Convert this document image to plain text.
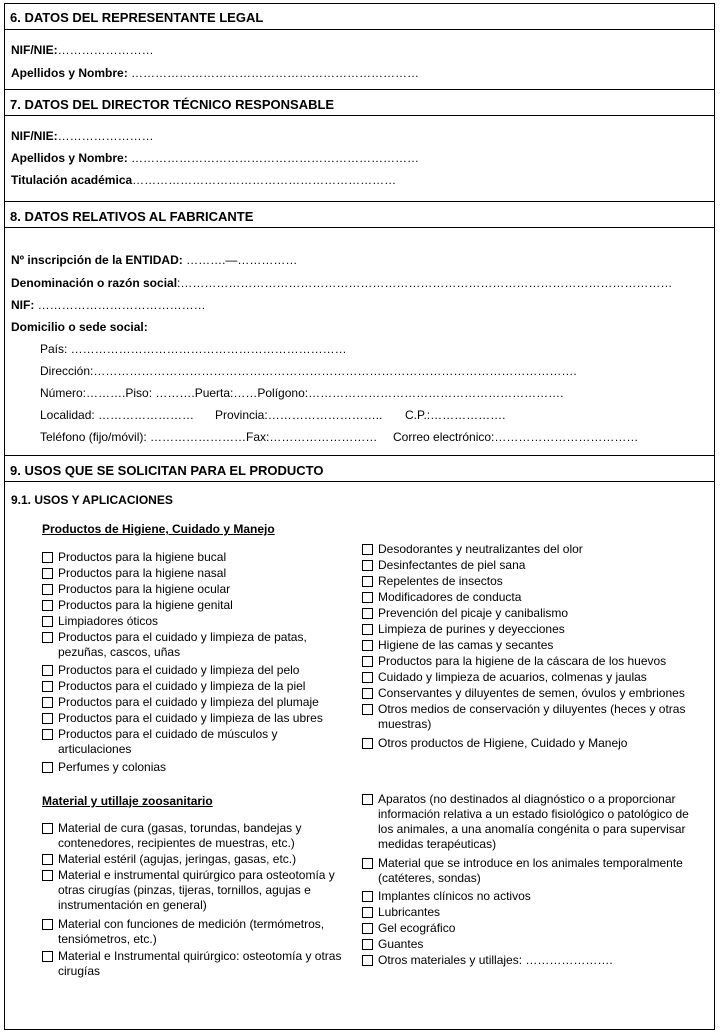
6. DATOS DEL REPRESENTANTE LEGAL
NIF/NIE:……………………
Apellidos y Nombre: ………………………………………………………………
7. DATOS DEL DIRECTOR TÉCNICO RESPONSABLE
NIF/NIE:……………………
Apellidos y Nombre: ………………………………………………………………
Titulación académica…………………………………………………………
8. DATOS RELATIVOS AL FABRICANTE
Nº inscripción de la ENTIDAD: ……….—……………
Denominación o razón social:……………………………………………………………………………………………………………
NIF: ……………………………………
Domicilio o sede social:
País: ……………………………………………………………
Dirección:………………………………………………………………………………………………………….
Número:……….Piso: ……….Puerta:……Polígono:……………………………………………………….
Localidad: …………………… Provincia:……………………….. C.P.:……………….
Teléfono (fijo/móvil): ……………………Fax:……………………… Correo electrónico:………………………………
9. USOS QUE SE SOLICITAN PARA EL PRODUCTO
9.1. USOS Y APLICACIONES
Productos de Higiene, Cuidado y Manejo
Material y utillaje zoosanitario
Productos para la higiene bucal
Productos para la higiene nasal
Productos para la higiene ocular
Productos para la higiene genital
Limpiadores óticos
Productos para el cuidado y limpieza de patas, pezuñas, cascos, uñas
Productos para el cuidado y limpieza del pelo
Productos para el cuidado y limpieza de la piel
Productos para el cuidado y limpieza del plumaje
Productos para el cuidado y limpieza de las ubres
Productos para el cuidado de músculos y articulaciones
Perfumes y colonias
Desodorantes y neutralizantes del olor
Desinfectantes de piel sana
Repelentes de insectos
Modificadores de conducta
Prevención del picaje y canibalismo
Limpieza de purines y deyecciones
Higiene de las camas y secantes
Productos para la higiene de la cáscara de los huevos
Cuidado y limpieza de acuarios, colmenas y jaulas
Conservantes y diluyentes de semen, óvulos y embriones
Otros medios de conservación y diluyentes (heces y otras muestras)
Otros productos de Higiene, Cuidado y Manejo
Material de cura (gasas, torundas, bandejas y contenedores, recipientes de muestras, etc.)
Material estéril (agujas, jeringas, gasas, etc.)
Material e instrumental quirúrgico para osteotomía y otras cirugías (pinzas, tijeras, tornillos, agujas e instrumentación en general)
Material con funciones de medición (termómetros, tensiómetros, etc.)
Material e Instrumental quirúrgico: osteotomía y otras cirugías
Aparatos (no destinados al diagnóstico o a proporcionar información relativa a un estado fisiológico o patológico de los animales, a una anomalía congénita o para supervisar medidas terapéuticas)
Material que se introduce en los animales temporalmente (catéteres, sondas)
Implantes clínicos no activos
Lubricantes
Gel ecográfico
Guantes
Otros materiales y utillajes: ………………….
